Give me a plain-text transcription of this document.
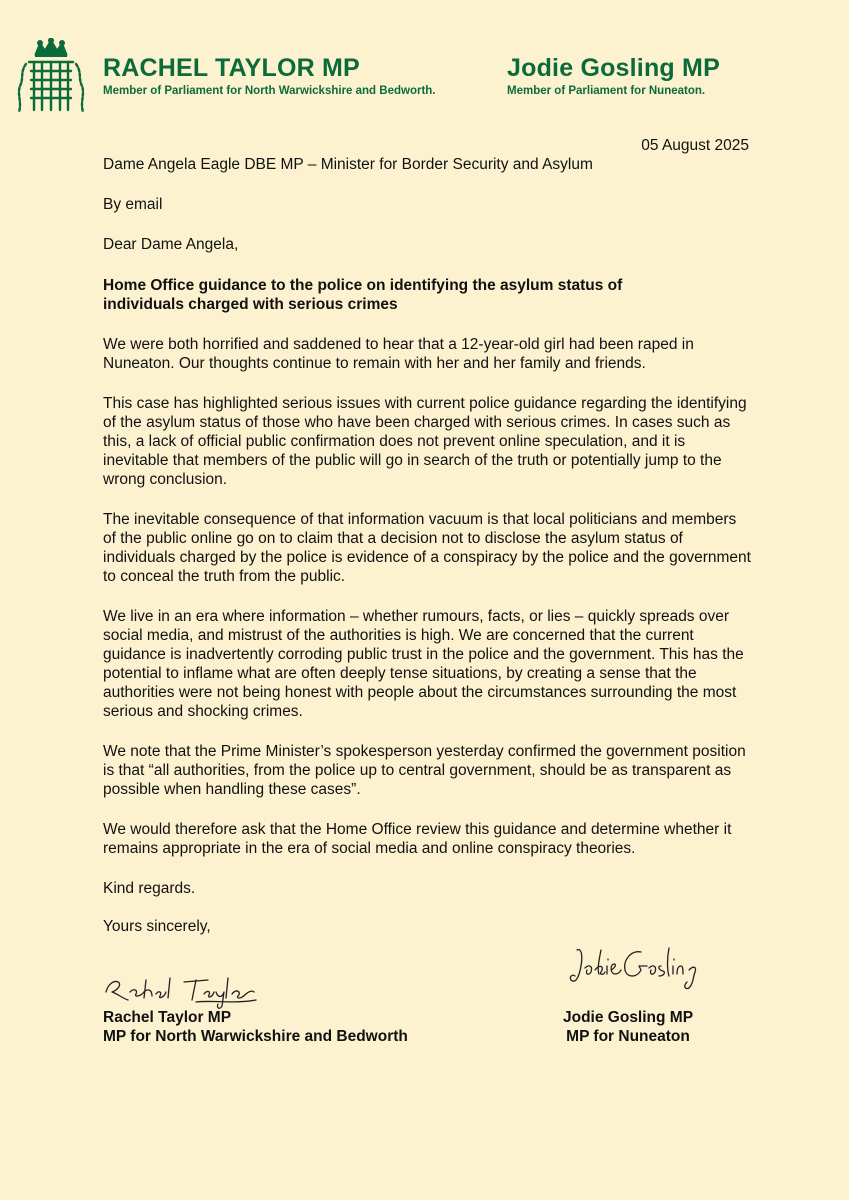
RACHEL TAYLOR MP
Member of Parliament for North Warwickshire and Bedworth.
Jodie Gosling MP
Member of Parliament for Nuneaton.
05 August 2025

Dame Angela Eagle DBE MP – Minister for Border Security and Asylum

By email

Dear Dame Angela,

Home Office guidance to the police on identifying the asylum status of individuals charged with serious crimes
We were both horrified and saddened to hear that a 12-year-old girl had been raped in Nuneaton. Our thoughts continue to remain with her and her family and friends.
This case has highlighted serious issues with current police guidance regarding the identifying of the asylum status of those who have been charged with serious crimes. In cases such as this, a lack of official public confirmation does not prevent online speculation, and it is inevitable that members of the public will go in search of the truth or potentially jump to the wrong conclusion.
The inevitable consequence of that information vacuum is that local politicians and members of the public online go on to claim that a decision not to disclose the asylum status of individuals charged by the police is evidence of a conspiracy by the police and the government to conceal the truth from the public.
We live in an era where information – whether rumours, facts, or lies – quickly spreads over social media, and mistrust of the authorities is high. We are concerned that the current guidance is inadvertently corroding public trust in the police and the government. This has the potential to inflame what are often deeply tense situations, by creating a sense that the authorities were not being honest with people about the circumstances surrounding the most serious and shocking crimes.
We note that the Prime Minister’s spokesperson yesterday confirmed the government position is that “all authorities, from the police up to central government, should be as transparent as possible when handling these cases”.
We would therefore ask that the Home Office review this guidance and determine whether it remains appropriate in the era of social media and online conspiracy theories.
Kind regards.
Yours sincerely,
Rachel Taylor MP
MP for North Warwickshire and Bedworth
Jodie Gosling MP
MP for Nuneaton
